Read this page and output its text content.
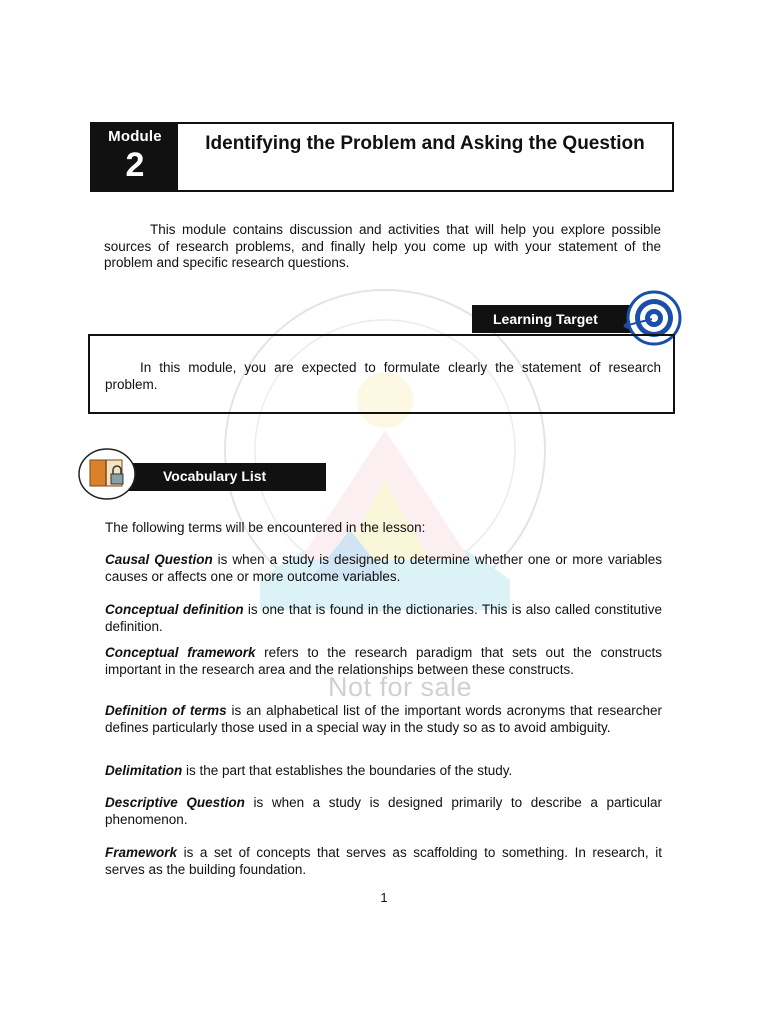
Not for sale
Module
2
Identifying the Problem and Asking the Question
This module contains discussion and activities that will help you explore possible sources of research problems, and finally help you come up with your statement of the problem and specific research questions.
Learning Target
In this module, you are expected to formulate clearly the statement of research problem.
Vocabulary List
The following terms will be encountered in the lesson:
Causal Question is when a study is designed to determine whether one or more variables causes or affects one or more outcome variables.
Conceptual definition is one that is found in the dictionaries. This is also called constitutive definition.
Conceptual framework refers to the research paradigm that sets out the constructs important in the research area and the relationships between these constructs.
Definition of terms is an alphabetical list of the important words acronyms that researcher defines particularly those used in a special way in the study so as to avoid ambiguity.
Delimitation is the part that establishes the boundaries of the study.
Descriptive Question is when a study is designed primarily to describe a particular phenomenon.
Framework is a set of concepts that serves as scaffolding to something. In research, it serves as the building foundation.
1
